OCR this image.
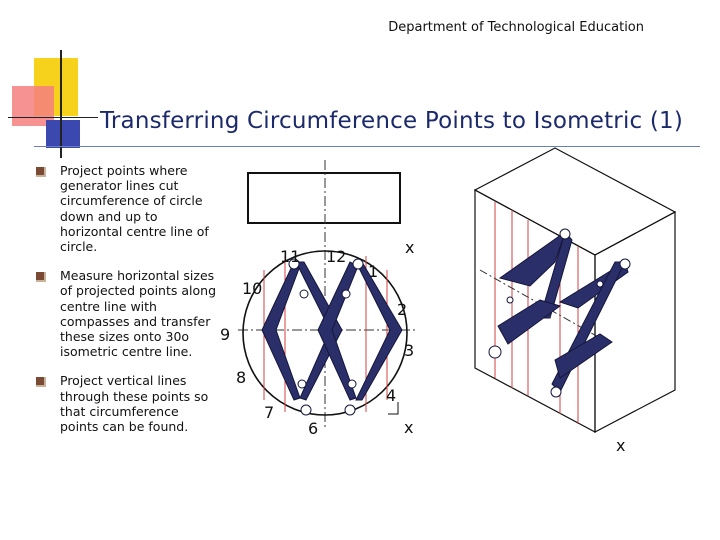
Department of Technological Education
Transferring Circumference Points to Isometric (1)
Project points where generator lines cut circumference of circle down and up to horizontal centre line of circle.
Measure horizontal sizes of projected points along centre line with compasses and transfer these sizes onto 30o isometric centre line.
Project vertical lines through these points so that circumference points can be found.
11 12
1
2
3
4
6
7
8
9
10
x
x
x
